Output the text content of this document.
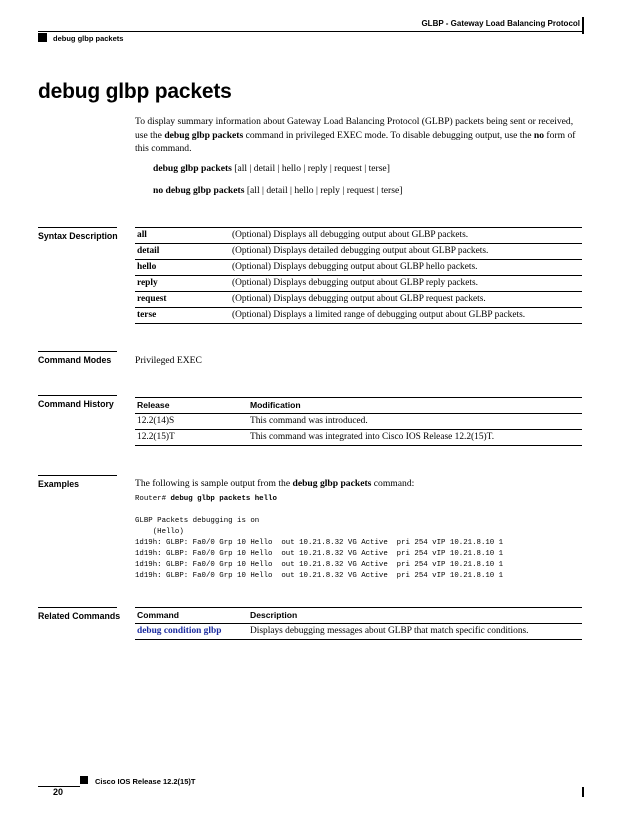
GLBP - Gateway Load Balancing Protocol
debug glbp packets
debug glbp packets
To display summary information about Gateway Load Balancing Protocol (GLBP) packets being sent or received, use the debug glbp packets command in privileged EXEC mode. To disable debugging output, use the no form of this command.
debug glbp packets [all | detail | hello | reply | request | terse]
no debug glbp packets [all | detail | hello | reply | request | terse]
Syntax Description all	(Optional) Displays all debugging output about GLBP packets.
detail	(Optional) Displays detailed debugging output about GLBP packets.
hello	(Optional) Displays debugging output about GLBP hello packets.
reply	(Optional) Displays debugging output about GLBP reply packets.
request	(Optional) Displays debugging output about GLBP request packets.
terse	(Optional) Displays a limited range of debugging output about GLBP packets.
Command Modes Privileged EXEC
Command History	Release	Modification
12.2(14)S	This command was introduced.
12.2(15)T	This command was integrated into Cisco IOS Release 12.2(15)T.
Examples	The following is sample output from the debug glbp packets command:
Router# debug glbp packets hello
GLBP Packets debugging is on
(Hello)
1d19h: GLBP: Fa0/0 Grp 10 Hello  out 10.21.8.32 VG Active  pri 254 vIP 10.21.8.10 1
1d19h: GLBP: Fa0/0 Grp 10 Hello  out 10.21.8.32 VG Active  pri 254 vIP 10.21.8.10 1
1d19h: GLBP: Fa0/0 Grp 10 Hello  out 10.21.8.32 VG Active  pri 254 vIP 10.21.8.10 1
1d19h: GLBP: Fa0/0 Grp 10 Hello  out 10.21.8.32 VG Active  pri 254 vIP 10.21.8.10 1
Related Commands Command	Description
debug condition glbp	Displays debugging messages about GLBP that match specific conditions.
Cisco IOS Release 12.2(15)T
20
